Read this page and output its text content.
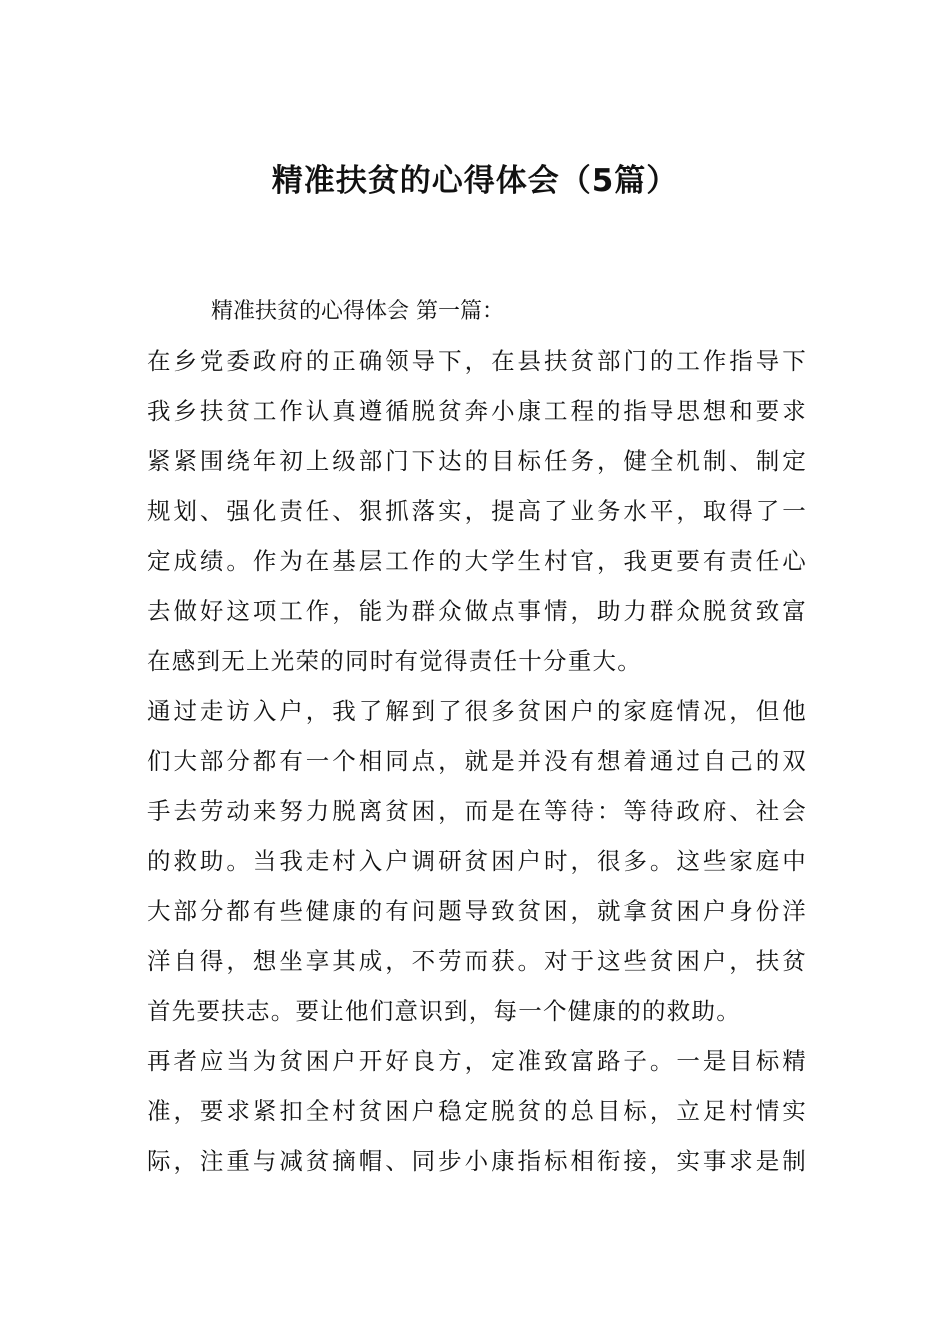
精准扶贫的心得体会（5篇）

精准扶贫的心得体会 第一篇：

在乡党委政府的正确领导下，在县扶贫部门的工作指导下
我乡扶贫工作认真遵循脱贫奔小康工程的指导思想和要求
紧紧围绕年初上级部门下达的目标任务，健全机制、制定
规划、强化责任、狠抓落实，提高了业务水平，取得了一
定成绩。作为在基层工作的大学生村官，我更要有责任心
去做好这项工作，能为群众做点事情，助力群众脱贫致富
在感到无上光荣的同时有觉得责任十分重大。
通过走访入户，我了解到了很多贫困户的家庭情况，但他
们大部分都有一个相同点，就是并没有想着通过自己的双
手去劳动来努力脱离贫困，而是在等待：等待政府、社会
的救助。当我走村入户调研贫困户时，很多。这些家庭中
大部分都有些健康的有问题导致贫困，就拿贫困户身份洋
洋自得，想坐享其成，不劳而获。对于这些贫困户，扶贫
首先要扶志。要让他们意识到，每一个健康的的救助。
再者应当为贫困户开好良方，定准致富路子。一是目标精
准，要求紧扣全村贫困户稳定脱贫的总目标，立足村情实
际，注重与减贫摘帽、同步小康指标相衔接，实事求是制
